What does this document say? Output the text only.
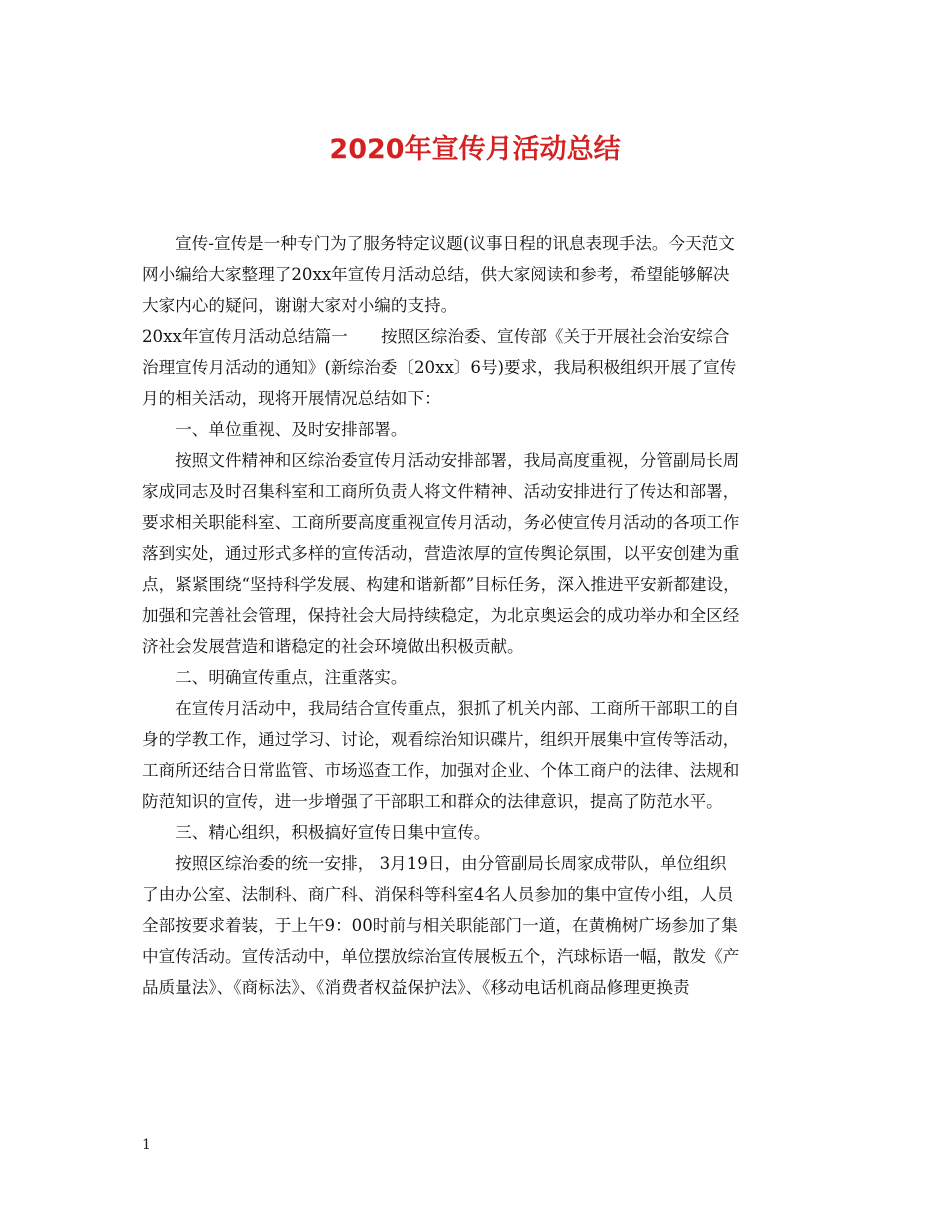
2020年宣传月活动总结

　　宣传-宣传是一种专门为了服务特定议题(议事日程的讯息表现手法。今天范文

网小编给大家整理了20xx年宣传月活动总结，供大家阅读和参考，希望能够解决

大家内心的疑问，谢谢大家对小编的支持。

20xx年宣传月活动总结篇一　　按照区综治委、宣传部《关于开展社会治安综合

治理宣传月活动的通知》(新综治委〔20xx〕6号)要求，我局积极组织开展了宣传

月的相关活动，现将开展情况总结如下：

　　一、单位重视、及时安排部署。

　　按照文件精神和区综治委宣传月活动安排部署，我局高度重视，分管副局长周

家成同志及时召集科室和工商所负责人将文件精神、活动安排进行了传达和部署，

要求相关职能科室、工商所要高度重视宣传月活动，务必使宣传月活动的各项工作

落到实处，通过形式多样的宣传活动，营造浓厚的宣传舆论氛围，以平安创建为重

点，紧紧围绕“坚持科学发展、构建和谐新都”目标任务，深入推进平安新都建设，

加强和完善社会管理，保持社会大局持续稳定，为北京奥运会的成功举办和全区经

济社会发展营造和谐稳定的社会环境做出积极贡献。

　　二、明确宣传重点，注重落实。

　　在宣传月活动中，我局结合宣传重点，狠抓了机关内部、工商所干部职工的自

身的学教工作，通过学习、讨论，观看综治知识碟片，组织开展集中宣传等活动，

工商所还结合日常监管、市场巡查工作，加强对企业、个体工商户的法律、法规和

防范知识的宣传，进一步增强了干部职工和群众的法律意识，提高了防范水平。

　　三、精心组织，积极搞好宣传日集中宣传。

　　按照区综治委的统一安排， 3月19日，由分管副局长周家成带队，单位组织

了由办公室、法制科、商广科、消保科等科室4名人员参加的集中宣传小组，人员

全部按要求着装，于上午9：00时前与相关职能部门一道，在黄桷树广场参加了集

中宣传活动。宣传活动中，单位摆放综治宣传展板五个，汽球标语一幅，散发《产

品质量法》、《商标法》、《消费者权益保护法》、《移动电话机商品修理更换责

1
